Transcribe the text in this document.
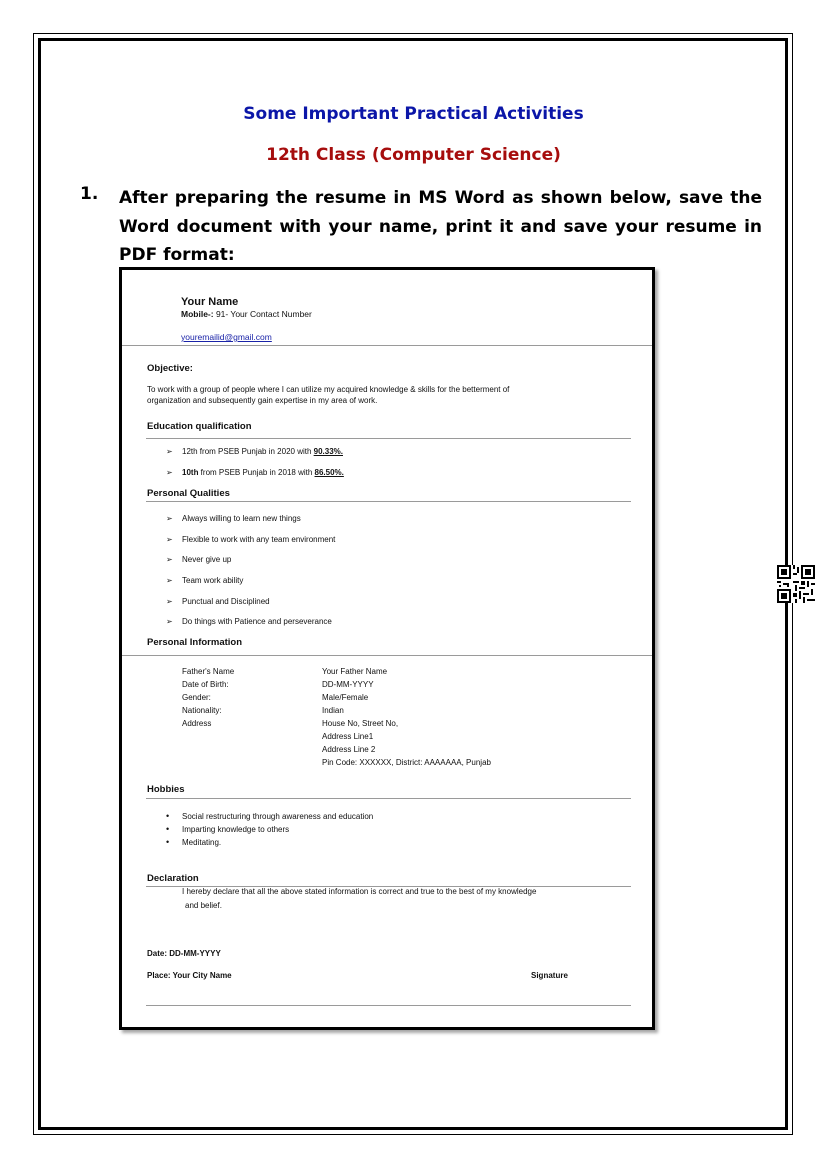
Some Important Practical Activities
12th Class (Computer Science)
1. After preparing the resume in MS Word as shown below, save the Word document with your name, print it and save your resume in PDF format:
Your Name
Mobile-: 91- Your Contact Number
youremailid@gmail.com
Objective:
To work with a group of people where I can utilize my acquired knowledge & skills for the betterment of
organization and subsequently gain expertise in my area of work.
Education qualification
➢ 12th from PSEB Punjab in 2020 with 90.33%.
➢ 10th from PSEB Punjab in 2018 with 86.50%.
Personal Qualities
➢ Always willing to learn new things
➢ Flexible to work with any team environment
➢ Never give up
➢ Team work ability
➢ Punctual and Disciplined
➢ Do things with Patience and perseverance
Personal Information
Father's Name	Your Father Name
Date of Birth:	DD-MM-YYYY
Gender:	Male/Female
Nationality:	Indian
Address	House No, Street No,
Address Line1
Address Line 2
Pin Code: XXXXXX, District: AAAAAAA, Punjab
Hobbies
• Social restructuring through awareness and education
• Imparting knowledge to others
• Meditating.
Declaration
I hereby declare that all the above stated information is correct and true to the best of my knowledge
and belief.
Date: DD-MM-YYYY
Place: Your City Name	Signature
